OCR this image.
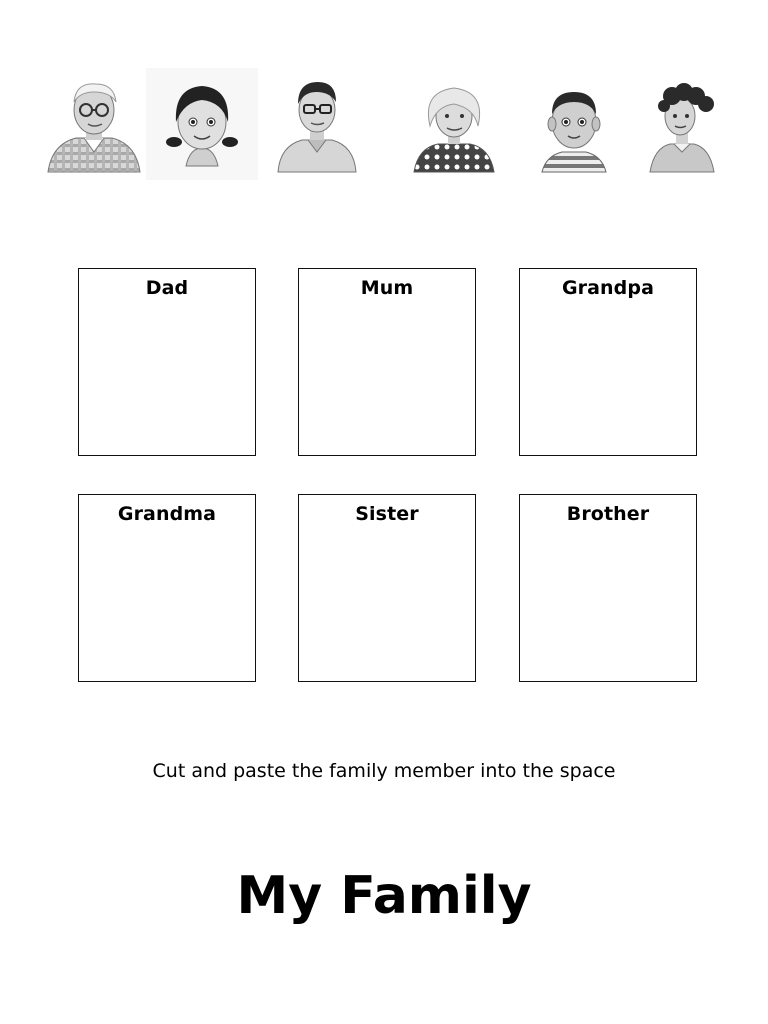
Dad	Mum	Grandpa
Grandma	Sister	Brother
Cut and paste the family member into the space
My Family
